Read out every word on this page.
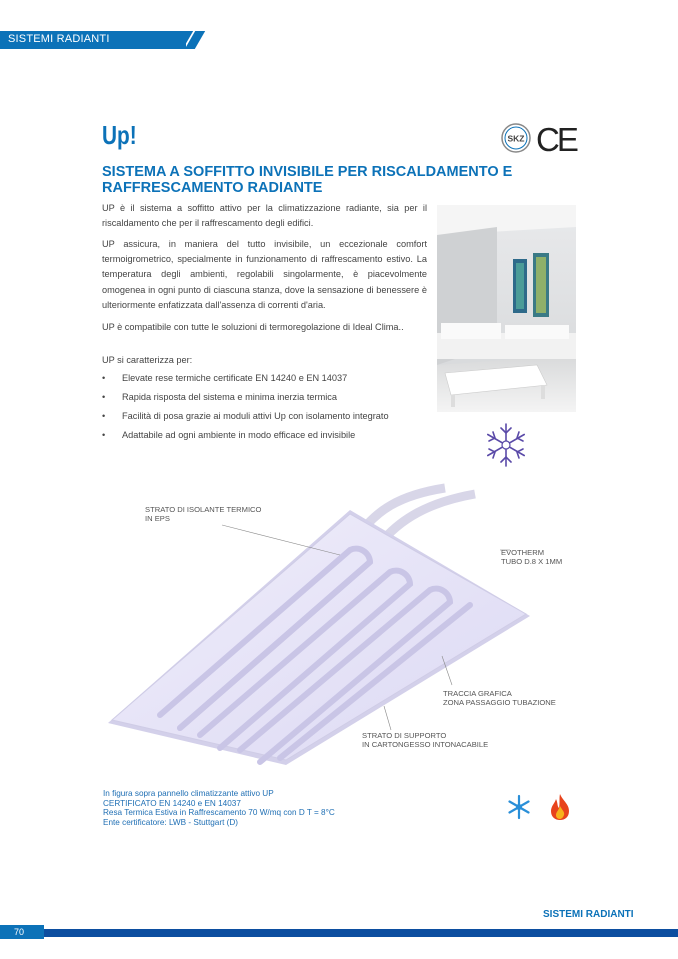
SISTEMI RADIANTI
Up!
SISTEMA A SOFFITTO INVISIBILE PER RISCALDAMENTO E RAFFRESCAMENTO RADIANTE
SKZ CE
UP è il sistema a soffitto attivo per la climatizzazione radiante, sia per il riscaldamento che per il raffrescamento degli edifici.
UP assicura, in maniera del tutto invisibile, un eccezionale comfort termoigrometrico, specialmente in funzionamento di raffrescamento estivo. La temperatura degli ambienti, regolabili singolarmente, è piacevolmente omogenea in ogni punto di ciascuna stanza, dove la sensazione di benessere è ulteriormente enfatizzata dall'assenza di correnti d'aria.
UP è compatibile con tutte le soluzioni di termoregolazione di Ideal Clima..
UP si caratterizza per:
• Elevate rese termiche certificate EN 14240 e EN 14037
• Rapida risposta del sistema e minima inerzia termica
• Facilità di posa grazie ai moduli attivi Up con isolamento integrato
• Adattabile ad ogni ambiente in modo efficace ed invisibile
STRATO DI ISOLANTE TERMICO
IN EPS
EVOTHERM
TUBO D.8 X 1MM
TRACCIA GRAFICA
ZONA PASSAGGIO TUBAZIONE
STRATO DI SUPPORTO
IN CARTONGESSO INTONACABILE
In figura sopra pannello climatizzante attivo UP
CERTIFICATO EN 14240 e EN 14037
Resa Termica Estiva in Raffrescamento 70 W/mq con D T = 8°C
Ente certificatore: LWB - Stuttgart (D)
SISTEMI RADIANTI
70
